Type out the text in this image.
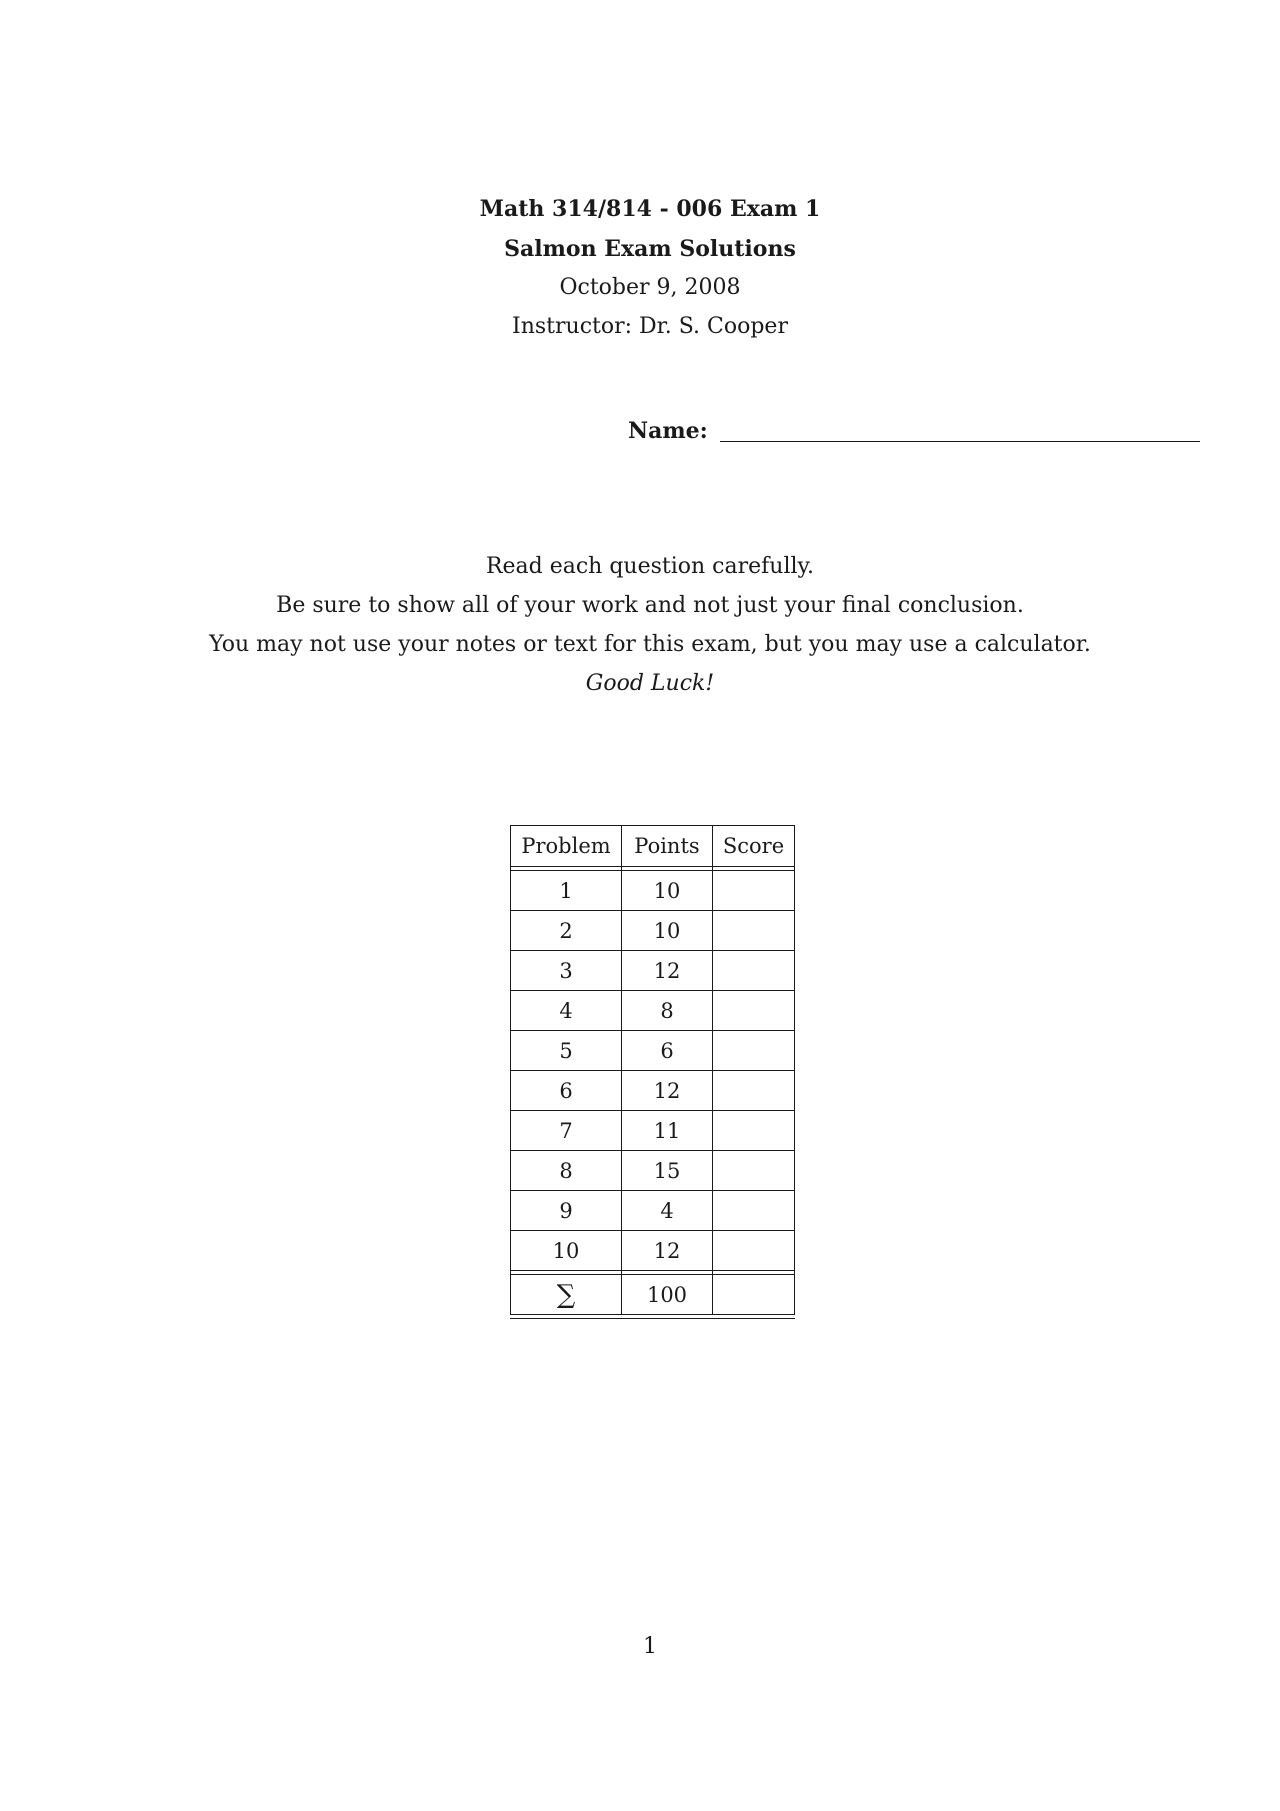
Math 314/814 - 006 Exam 1
Salmon Exam Solutions
October 9, 2008
Instructor: Dr. S. Cooper
Name:
Read each question carefully.
Be sure to show all of your work and not just your final conclusion.
You may not use your notes or text for this exam, but you may use a calculator.
Good Luck!
Problem	Points	Score

1	10	
2	10	
3	12	
4	8	
5	6	
6	12	
7	11	
8	15	
9	4	
10	12	

∑	100	
1
